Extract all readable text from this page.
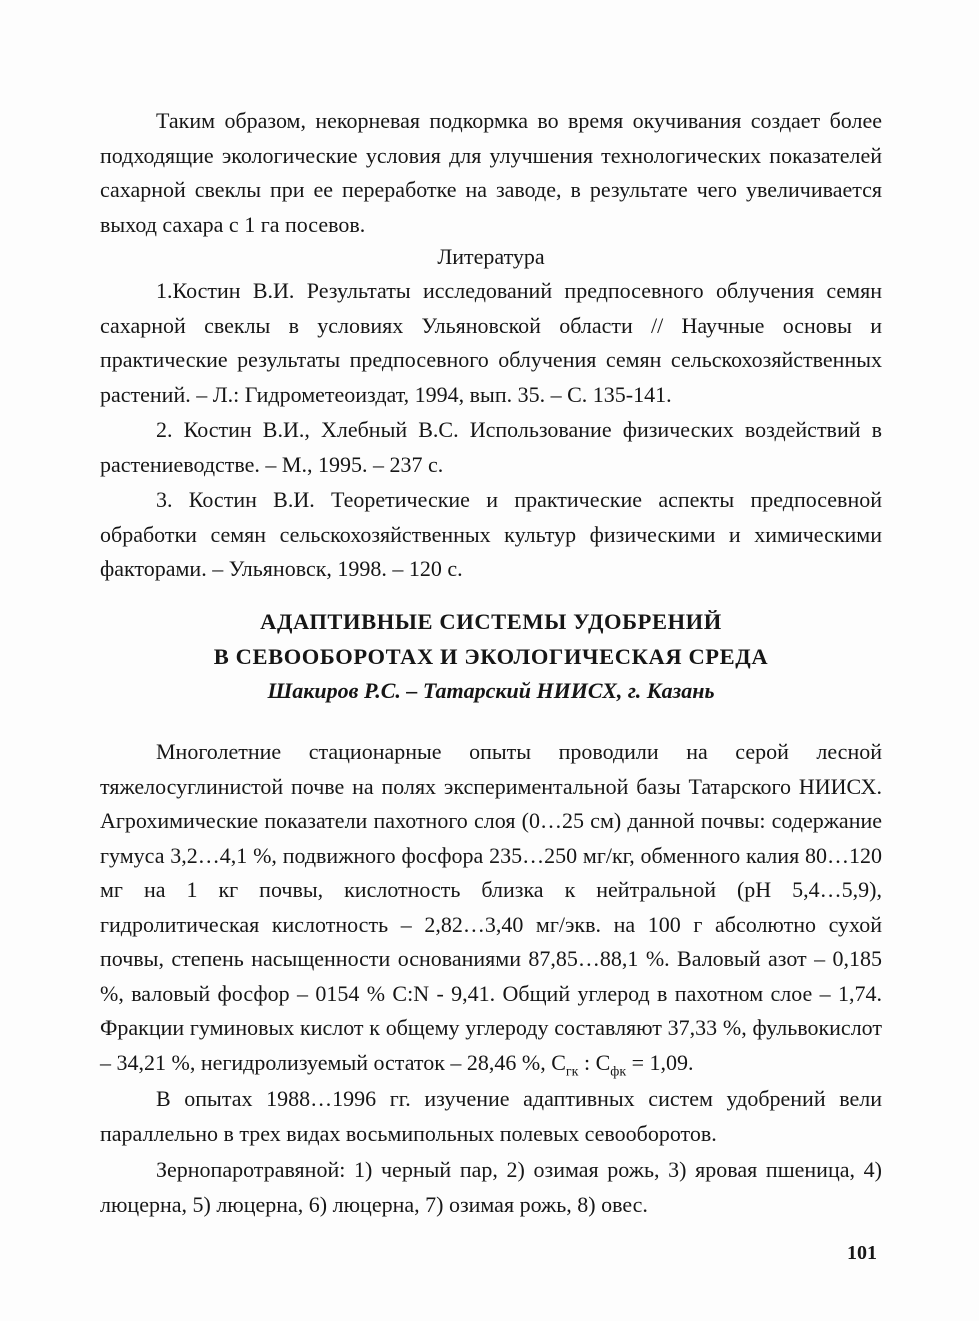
Таким образом, некорневая подкормка во время окучивания создает более подходящие экологические условия для улучшения технологических показателей сахарной свеклы при ее переработке на заводе, в результате чего увеличивается выход сахара с 1 га посевов.

Литература

1.Костин В.И. Результаты исследований предпосевного облучения семян сахарной свеклы в условиях Ульяновской области // Научные основы и практические результаты предпосевного облучения семян сельскохозяйственных растений. – Л.: Гидрометеоиздат, 1994, вып. 35. – С. 135-141.

2. Костин В.И., Хлебный В.С. Использование физических воздействий в растениеводстве. – М., 1995. – 237 с.

3. Костин В.И. Теоретические и практические аспекты предпосевной обработки семян сельскохозяйственных культур физическими и химическими факторами. – Ульяновск, 1998. – 120 с.

АДАПТИВНЫЕ СИСТЕМЫ УДОБРЕНИЙ
В СЕВООБОРОТАХ И ЭКОЛОГИЧЕСКАЯ СРЕДА
Шакиров Р.С. – Татарский НИИСХ, г. Казань

Многолетние стационарные опыты проводили на серой лесной тяжелосуглинистой почве на полях экспериментальной базы Татарского НИИСХ. Агрохимические показатели пахотного слоя (0…25 см) данной почвы: содержание гумуса 3,2…4,1 %, подвижного фосфора 235…250 мг/кг, обменного калия 80…120 мг на 1 кг почвы, кислотность близка к нейтральной (рН 5,4…5,9), гидролитическая кислотность – 2,82…3,40 мг/экв. на 100 г абсолютно сухой почвы, степень насыщенности основаниями 87,85…88,1 %. Валовый азот – 0,185 %, валовый фосфор – 0154 % C:N - 9,41. Общий углерод в пахотном слое – 1,74. Фракции гуминовых кислот к общему углероду составляют 37,33 %, фульвокислот – 34,21 %, негидролизуемый остаток – 28,46 %, $С_{гк}$ : $С_{фк} = 1,09$.

В опытах 1988…1996 гг. изучение адаптивных систем удобрений вели параллельно в трех видах восьмипольных полевых севооборотов.

Зернопаротравяной: 1) черный пар, 2) озимая рожь, 3) яровая пшеница, 4) люцерна, 5) люцерна, 6) люцерна, 7) озимая рожь, 8) овес.

101
